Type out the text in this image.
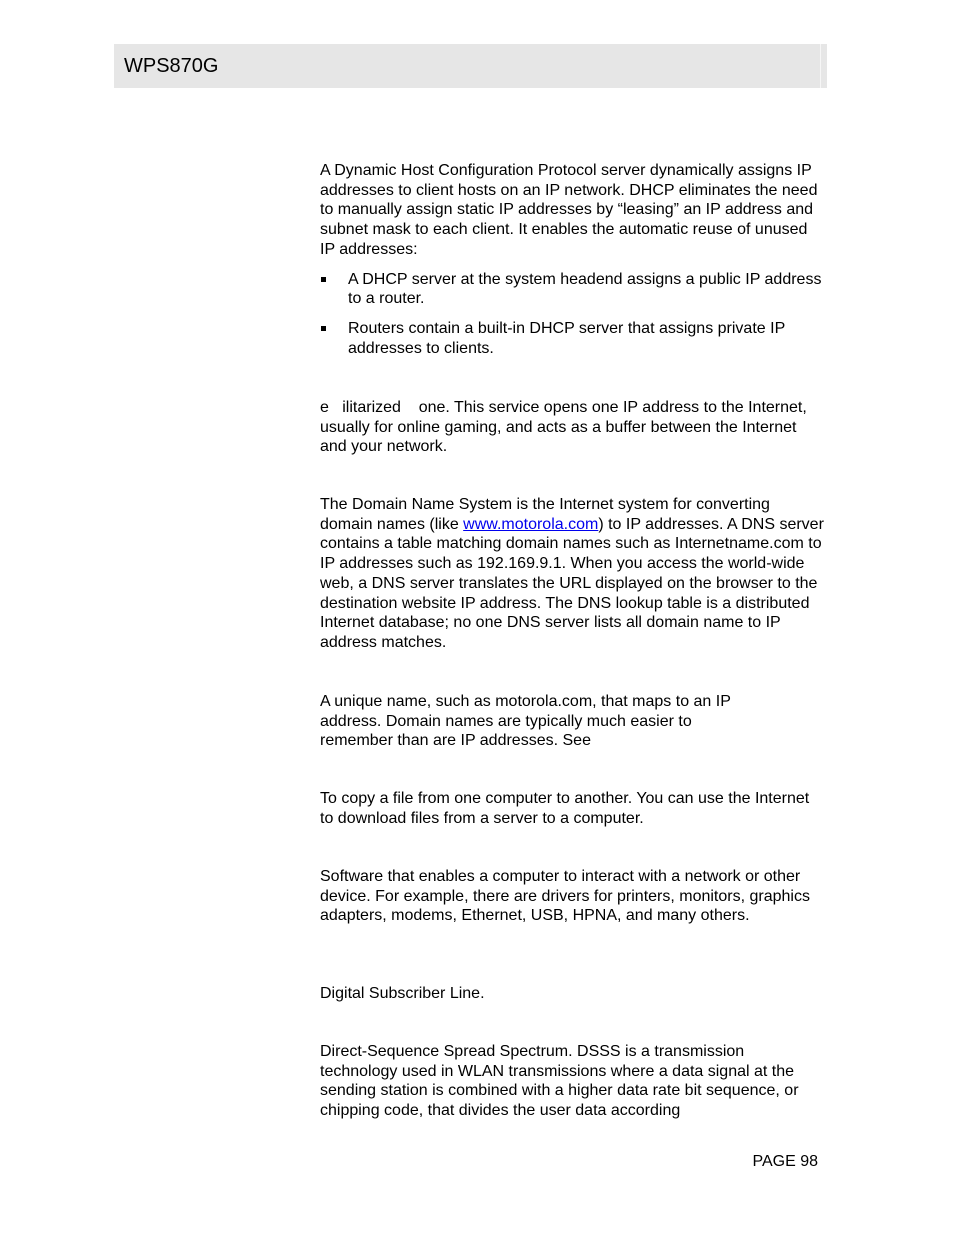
WPS870G

A Dynamic Host Configuration Protocol server dynamically assigns IP addresses to client hosts on an IP network. DHCP eliminates the need to manually assign static IP addresses by “leasing” an IP address and subnet mask to each client. It enables the automatic reuse of unused IP addresses:

A DHCP server at the system headend assigns a public IP address to a router.
Routers contain a built-in DHCP server that assigns private IP addresses to clients.

e   ilitarized    one. This service opens one IP address to the Internet, usually for online gaming, and acts as a buffer between the Internet and your network.

The Domain Name System is the Internet system for converting domain names (like www.motorola.com) to IP addresses. A DNS server contains a table matching domain names such as Internetname.com to IP addresses such as 192.169.9.1. When you access the world-wide web, a DNS server translates the URL displayed on the browser to the destination website IP address. The DNS lookup table is a distributed Internet database; no one DNS server lists all domain name to IP address matches.

A unique name, such as motorola.com, that maps to an IP address. Domain names are typically much easier to remember than are IP addresses. See

To copy a file from one computer to another. You can use the Internet to download files from a server to a computer.

Software that enables a computer to interact with a network or other device. For example, there are drivers for printers, monitors, graphics adapters, modems, Ethernet, USB, HPNA, and many others.

Digital Subscriber Line.

Direct-Sequence Spread Spectrum. DSSS is a transmission technology used in WLAN transmissions where a data signal at the sending station is combined with a higher data rate bit sequence, or chipping code, that divides the user data according

PAGE 98
